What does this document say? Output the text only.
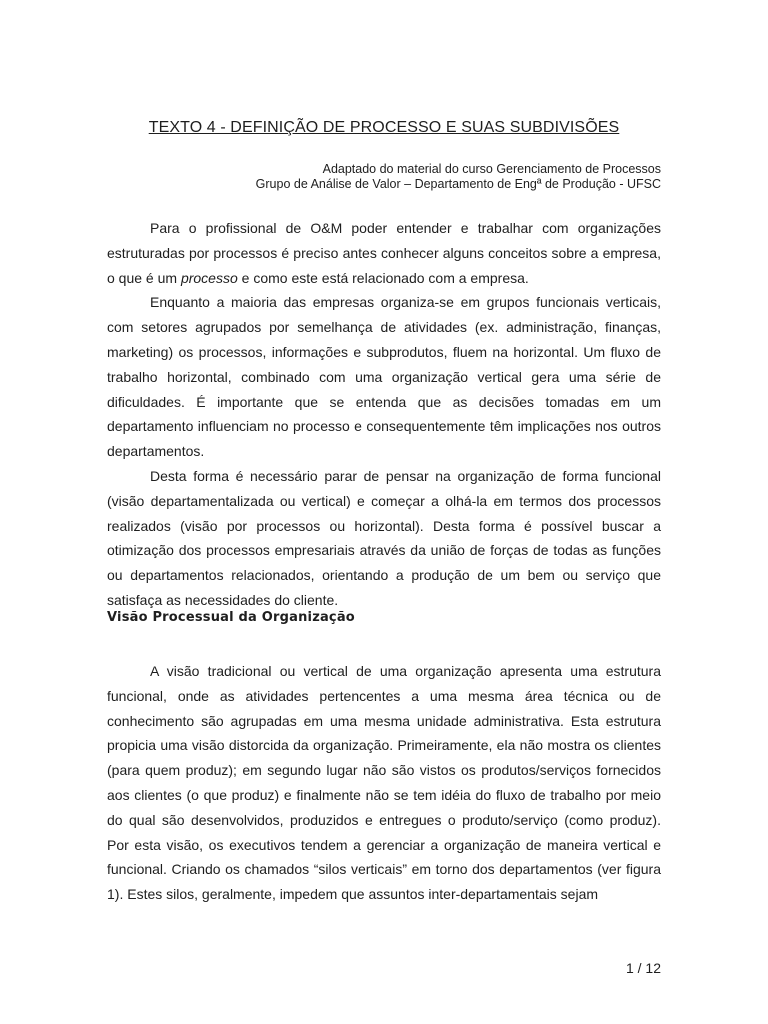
TEXTO 4 - DEFINIÇÃO DE PROCESSO E SUAS SUBDIVISÕES
Adaptado do material do curso Gerenciamento de Processos
Grupo de Análise de Valor – Departamento de Engª de Produção - UFSC

Para o profissional de O&M poder entender e trabalhar com organizações estruturadas por processos é preciso antes conhecer alguns conceitos sobre a empresa, o que é um processo e como este está relacionado com a empresa.

Enquanto a maioria das empresas organiza-se em grupos funcionais verticais, com setores agrupados por semelhança de atividades (ex. administração, finanças, marketing) os processos, informações e subprodutos, fluem na horizontal. Um fluxo de trabalho horizontal, combinado com uma organização vertical gera uma série de dificuldades. É importante que se entenda que as decisões tomadas em um departamento influenciam no processo e consequentemente têm implicações nos outros departamentos.

Desta forma é necessário parar de pensar na organização de forma funcional (visão departamentalizada ou vertical) e começar a olhá-la em termos dos processos realizados (visão por processos ou horizontal). Desta forma é possível buscar a otimização dos processos empresariais através da união de forças de todas as funções ou departamentos relacionados, orientando a produção de um bem ou serviço que satisfaça as necessidades do cliente.

Visão Processual da Organização

A visão tradicional ou vertical de uma organização apresenta uma estrutura funcional, onde as atividades pertencentes a uma mesma área técnica ou de conhecimento são agrupadas em uma mesma unidade administrativa. Esta estrutura propicia uma visão distorcida da organização. Primeiramente, ela não mostra os clientes (para quem produz); em segundo lugar não são vistos os produtos/serviços fornecidos aos clientes (o que produz) e finalmente não se tem idéia do fluxo de trabalho por meio do qual são desenvolvidos, produzidos e entregues o produto/serviço (como produz). Por esta visão, os executivos tendem a gerenciar a organização de maneira vertical e funcional. Criando os chamados “silos verticais” em torno dos departamentos (ver figura 1). Estes silos, geralmente, impedem que assuntos inter-departamentais sejam

1 / 12
